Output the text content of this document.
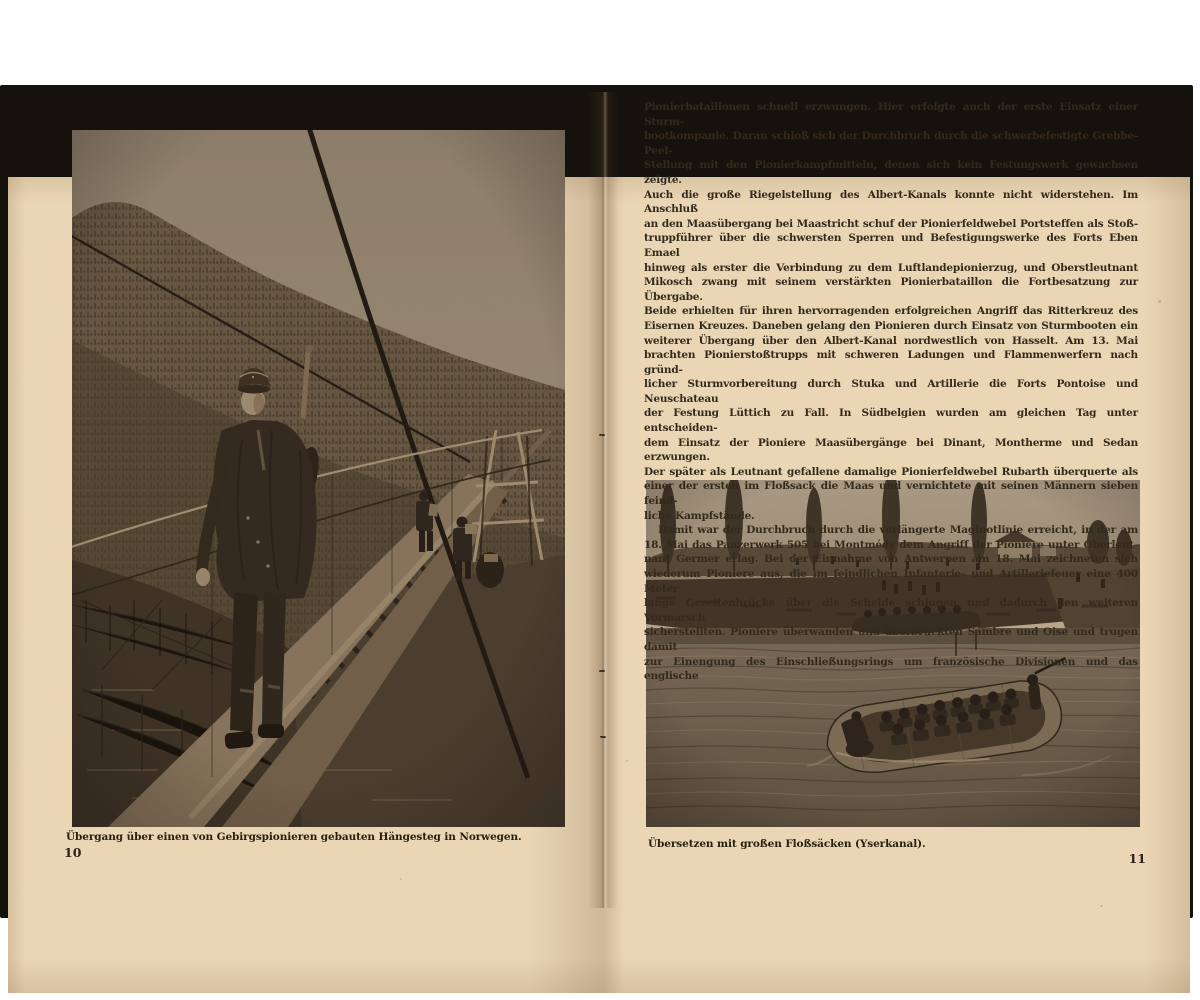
Pionierbataillonen schnell erzwungen. Hier erfolgte auch der erste Einsatz einer Sturm-
bootkompanie. Daran schloß sich der Durchbruch durch die schwerbefestigte Grebbe-Peel-
Stellung mit den Pionierkampfmitteln, denen sich kein Festungswerk gewachsen zeigte.
Auch die große Riegelstellung des Albert-Kanals konnte nicht widerstehen. Im Anschluß
an den Maasübergang bei Maastricht schuf der Pionierfeldwebel Portsteffen als Stoß-
truppführer über die schwersten Sperren und Befestigungswerke des Forts Eben Emael
hinweg als erster die Verbindung zu dem Luftlandepionierzug, und Oberstleutnant
Mikosch zwang mit seinem verstärkten Pionierbataillon die Fortbesatzung zur Übergabe.
Beide erhielten für ihren hervorragenden erfolgreichen Angriff das Ritterkreuz des
Eisernen Kreuzes. Daneben gelang den Pionieren durch Einsatz von Sturmbooten ein
weiterer Übergang über den Albert-Kanal nordwestlich von Hasselt. Am 13. Mai
brachten Pionierstoßtrupps mit schweren Ladungen und Flammenwerfern nach gründ-
licher Sturmvorbereitung durch Stuka und Artillerie die Forts Pontoise und Neuschateau
der Festung Lüttich zu Fall. In Südbelgien wurden am gleichen Tag unter entscheiden-
dem Einsatz der Pioniere Maasübergänge bei Dinant, Montherme und Sedan erzwungen.
Der später als Leutnant gefallene damalige Pionierfeldwebel Rubarth überquerte als
einer der ersten im Floßsack die Maas und vernichtete mit seinen Männern sieben feind-
liche Kampfstände.
Damit war der Durchbruch durch die verlängerte Maginotlinie erreicht, in der am
18. Mai das Panzerwerk 505 bei Montmédy dem Angriff der Pioniere unter Oberleut-
nant Germer erlag. Bei der Einnahme von Antwerpen am 18. Mai zeichneten sich
wiederum Pioniere aus, die im feindlichen Infanterie- und Artilleriefeuer eine 400 Meter
lange Gezeitenbrücke über die Schelde schlugen und dadurch den weiteren Vormarsch
sicherstellten. Pioniere überwanden und überbrückten Sambre und Oise und trugen damit
zur Einengung des Einschließungsrings um französische Divisionen und das englische
Übergang über einen von Gebirgspionieren gebauten Hängesteg in Norwegen.
10
Übersetzen mit großen Floßsäcken (Yserkanal).
11
